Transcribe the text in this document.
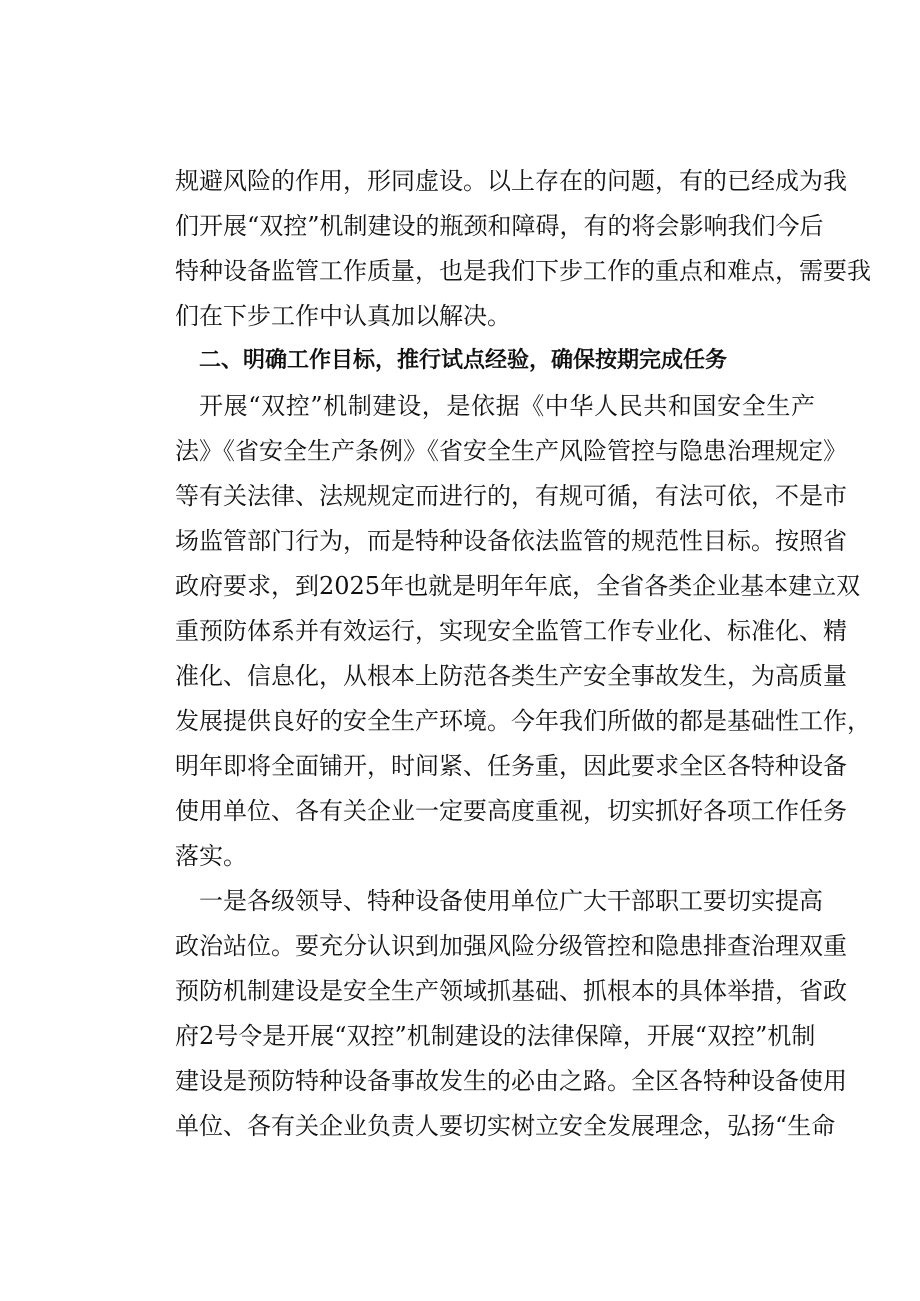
规避风险的作用，形同虚设。以上存在的问题，有的已经成为我
们开展“双控”机制建设的瓶颈和障碍，有的将会影响我们今后
特种设备监管工作质量，也是我们下步工作的重点和难点，需要我
们在下步工作中认真加以解决。
二、明确工作目标，推行试点经验，确保按期完成任务
开展“双控”机制建设，是依据《中华人民共和国安全生产
法》《省安全生产条例》《省安全生产风险管控与隐患治理规定》
等有关法律、法规规定而进行的，有规可循，有法可依，不是市
场监管部门行为，而是特种设备依法监管的规范性目标。按照省
政府要求，到2025年也就是明年年底，全省各类企业基本建立双
重预防体系并有效运行，实现安全监管工作专业化、标准化、精
准化、信息化，从根本上防范各类生产安全事故发生，为高质量
发展提供良好的安全生产环境。今年我们所做的都是基础性工作，
明年即将全面铺开，时间紧、任务重，因此要求全区各特种设备
使用单位、各有关企业一定要高度重视，切实抓好各项工作任务
落实。
一是各级领导、特种设备使用单位广大干部职工要切实提高
政治站位。要充分认识到加强风险分级管控和隐患排查治理双重
预防机制建设是安全生产领域抓基础、抓根本的具体举措，省政
府2号令是开展“双控”机制建设的法律保障，开展“双控”机制
建设是预防特种设备事故发生的必由之路。全区各特种设备使用
单位、各有关企业负责人要切实树立安全发展理念，弘扬“生命
